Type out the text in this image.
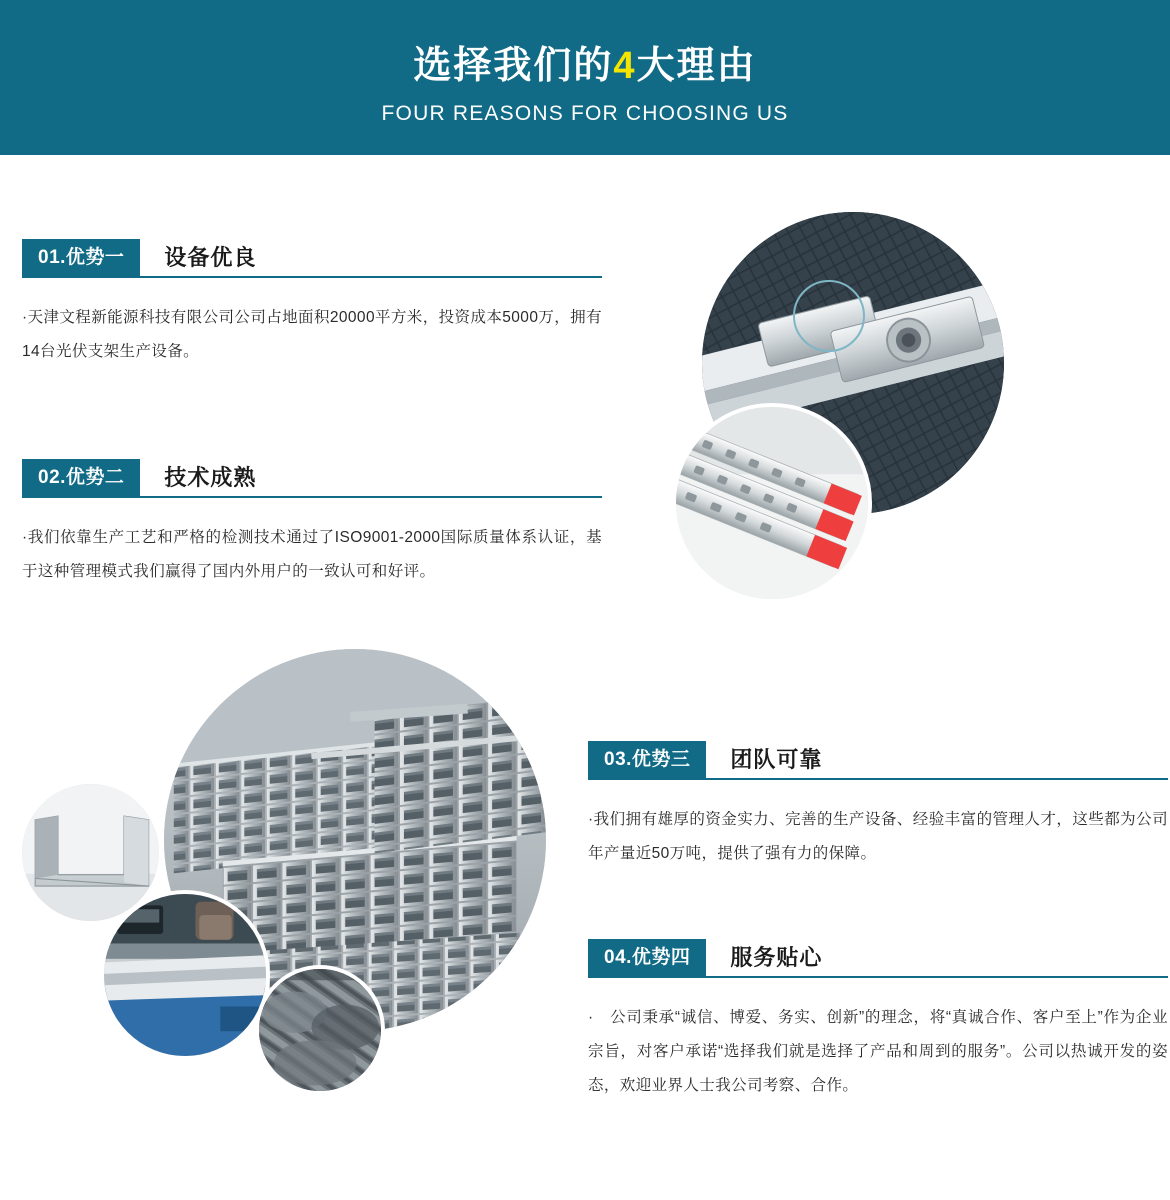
选择我们的4大理由
FOUR REASONS FOR CHOOSING US
01.优势一	设备优良

·天津文程新能源科技有限公司公司占地面积20000平方米，投资成本5000万，拥有14台光伏支架生产设备。

02.优势二	技术成熟

·我们依靠生产工艺和严格的检测技术通过了ISO9001-2000国际质量体系认证，基于这种管理模式我们赢得了国内外用户的一致认可和好评。

03.优势三	团队可靠

·我们拥有雄厚的资金实力、完善的生产设备、经验丰富的管理人才，这些都为公司年产量近50万吨，提供了强有力的保障。

04.优势四	服务贴心

·　公司秉承“诚信、博爱、务实、创新”的理念，将“真诚合作、客户至上”作为企业宗旨，对客户承诺“选择我们就是选择了产品和周到的服务”。公司以热诚开发的姿态，欢迎业界人士我公司考察、合作。
